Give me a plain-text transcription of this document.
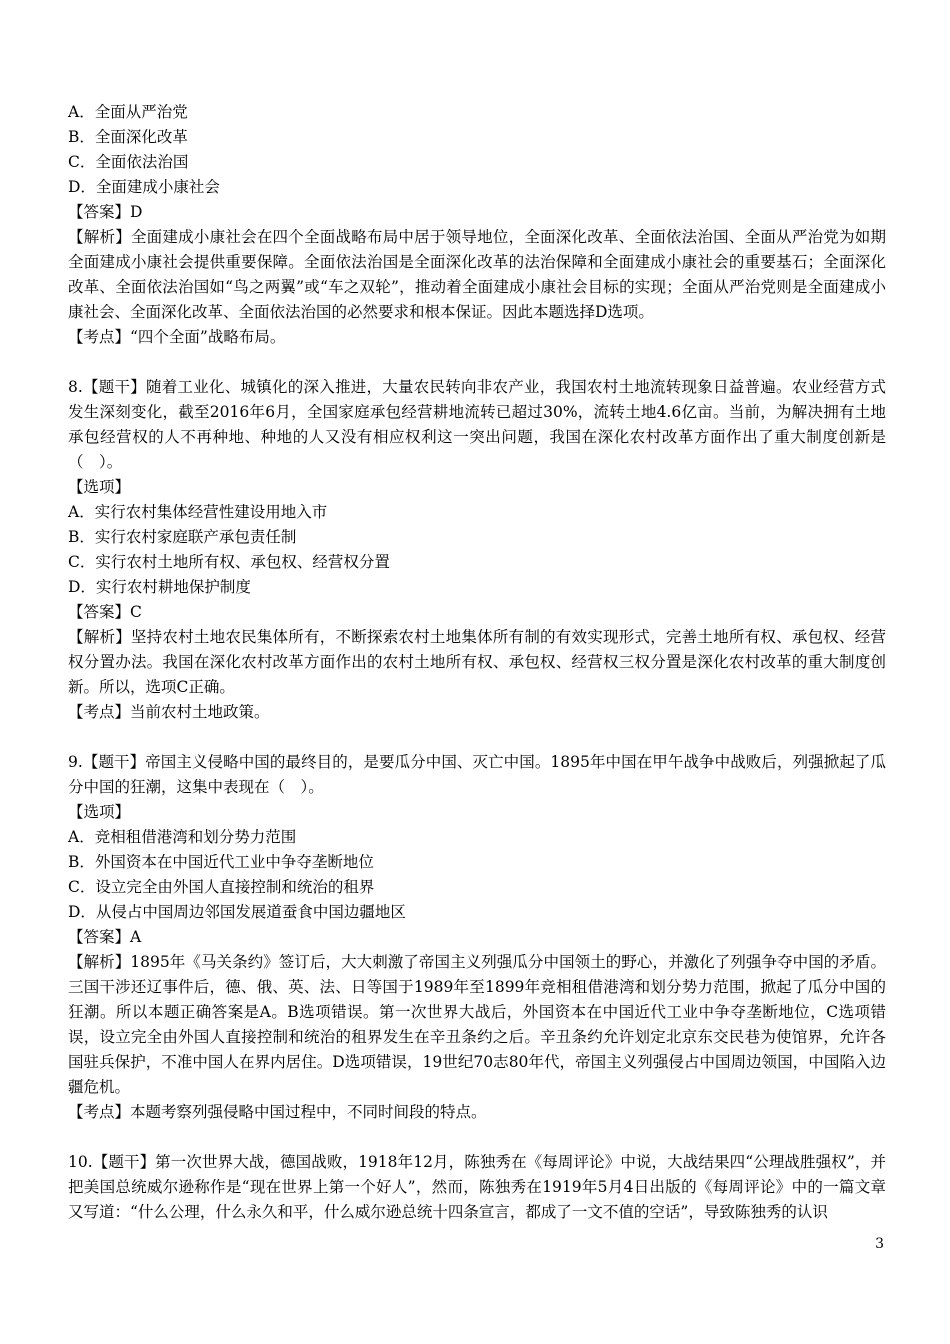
A．全面从严治党
B．全面深化改革
C．全面依法治国
D．全面建成小康社会
【答案】D
【解析】全面建成小康社会在四个全面战略布局中居于领导地位，全面深化改革、全面依法治国、全面从严治党为如期全面建成小康社会提供重要保障。全面依法治国是全面深化改革的法治保障和全面建成小康社会的重要基石；全面深化改革、全面依法治国如“鸟之两翼”或“车之双轮”，推动着全面建成小康社会目标的实现；全面从严治党则是全面建成小康社会、全面深化改革、全面依法治国的必然要求和根本保证。因此本题选择D选项。
【考点】“四个全面”战略布局。
8.【题干】随着工业化、城镇化的深入推进，大量农民转向非农产业，我国农村土地流转现象日益普遍。农业经营方式发生深刻变化，截至2016年6月，全国家庭承包经营耕地流转已超过30%，流转土地4.6亿亩。当前，为解决拥有土地承包经营权的人不再种地、种地的人又没有相应权利这一突出问题，我国在深化农村改革方面作出了重大制度创新是（　）。
【选项】
A．实行农村集体经营性建设用地入市
B．实行农村家庭联产承包责任制
C．实行农村土地所有权、承包权、经营权分置
D．实行农村耕地保护制度
【答案】C
【解析】坚持农村土地农民集体所有，不断探索农村土地集体所有制的有效实现形式，完善土地所有权、承包权、经营权分置办法。我国在深化农村改革方面作出的农村土地所有权、承包权、经营权三权分置是深化农村改革的重大制度创新。所以，选项C正确。
【考点】当前农村土地政策。
9.【题干】帝国主义侵略中国的最终目的，是要瓜分中国、灭亡中国。1895年中国在甲午战争中战败后，列强掀起了瓜分中国的狂潮，这集中表现在（　）。
【选项】
A．竞相租借港湾和划分势力范围
B．外国资本在中国近代工业中争夺垄断地位
C．设立完全由外国人直接控制和统治的租界
D．从侵占中国周边邻国发展道蚕食中国边疆地区
【答案】A
【解析】1895年《马关条约》签订后，大大刺激了帝国主义列强瓜分中国领土的野心，并激化了列强争夺中国的矛盾。三国干涉还辽事件后，德、俄、英、法、日等国于1989年至1899年竞相租借港湾和划分势力范围，掀起了瓜分中国的狂潮。所以本题正确答案是A。B选项错误。第一次世界大战后，外国资本在中国近代工业中争夺垄断地位，C选项错误，设立完全由外国人直接控制和统治的租界发生在辛丑条约之后。辛丑条约允许划定北京东交民巷为使馆界，允许各国驻兵保护，不准中国人在界内居住。D选项错误，19世纪70志80年代，帝国主义列强侵占中国周边领国，中国陷入边疆危机。
【考点】本题考察列强侵略中国过程中，不同时间段的特点。
10.【题干】第一次世界大战，德国战败，1918年12月，陈独秀在《每周评论》中说，大战结果四“公理战胜强权”，并把美国总统威尔逊称作是“现在世界上第一个好人”，然而，陈独秀在1919年5月4日出版的《每周评论》中的一篇文章又写道：“什么公理，什么永久和平，什么威尔逊总统十四条宣言，都成了一文不值的空话”，导致陈独秀的认识
3
